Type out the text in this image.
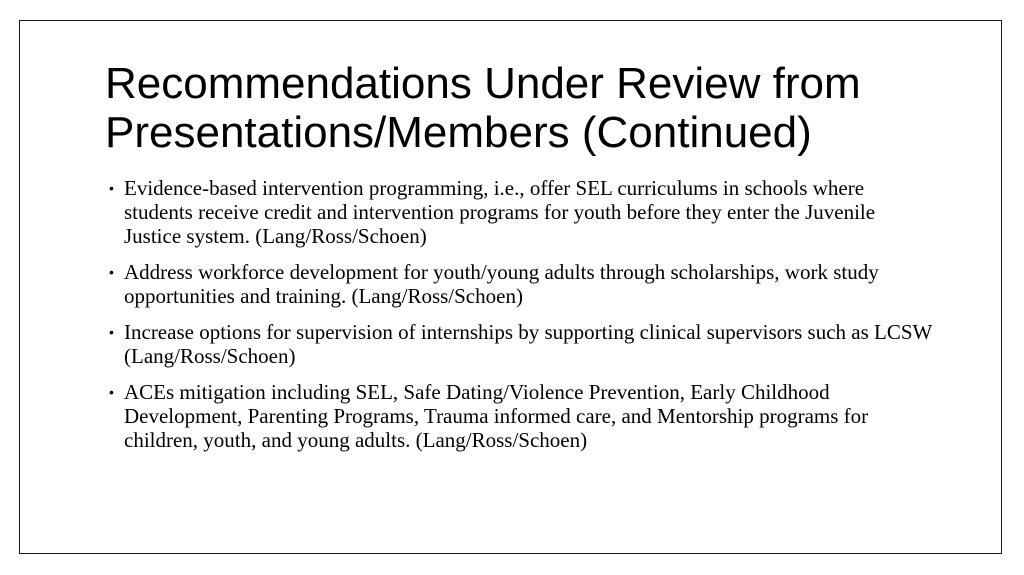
Recommendations Under Review from Presentations/Members (Continued)
• Evidence-based intervention programming, i.e., offer SEL curriculums in schools where students receive credit and intervention programs for youth before they enter the Juvenile Justice system. (Lang/Ross/Schoen)
• Address workforce development for youth/young adults through scholarships, work study opportunities and training. (Lang/Ross/Schoen)
• Increase options for supervision of internships by supporting clinical supervisors such as LCSW (Lang/Ross/Schoen)
• ACEs mitigation including SEL, Safe Dating/Violence Prevention, Early Childhood Development, Parenting Programs, Trauma informed care, and Mentorship programs for children, youth, and young adults. (Lang/Ross/Schoen)
